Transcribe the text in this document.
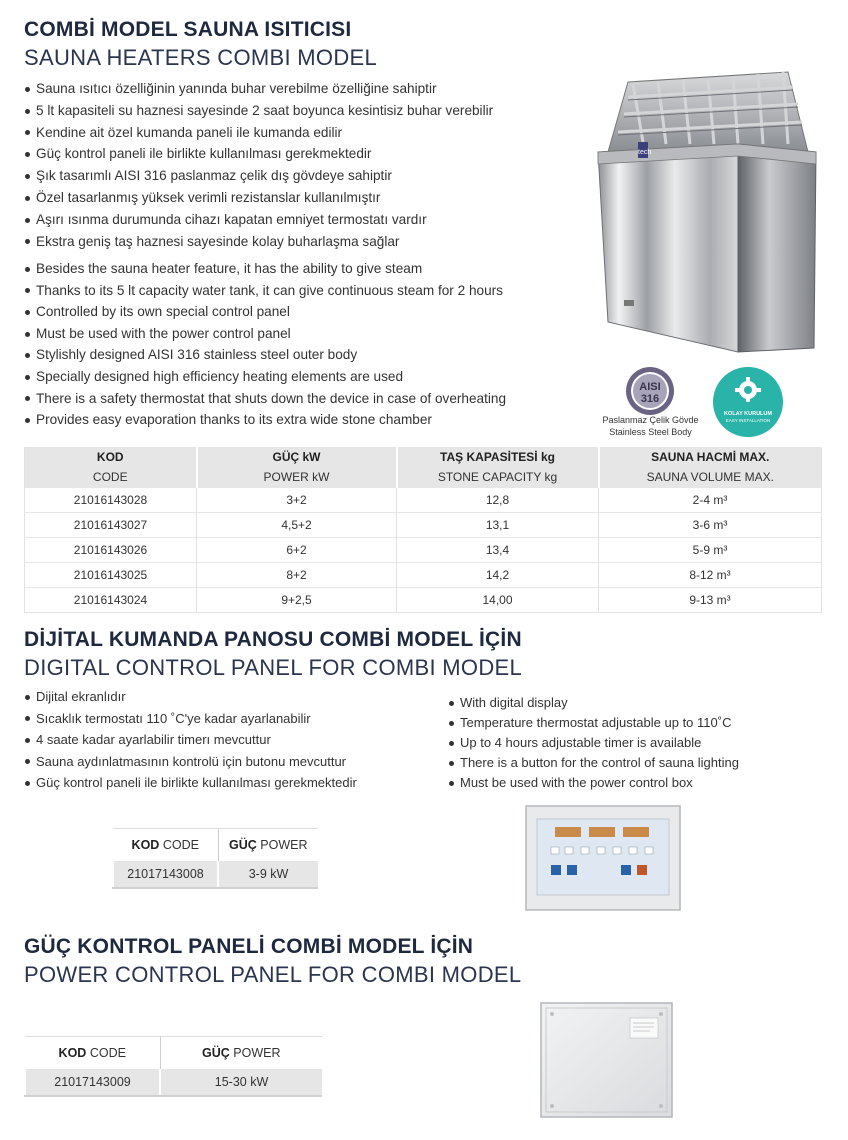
COMBİ MODEL SAUNA ISITICISI
SAUNA HEATERS COMBI MODEL
Sauna ısıtıcı özelliğinin yanında buhar verebilme özelliğine sahiptir
5 lt kapasiteli su haznesi sayesinde 2 saat boyunca kesintisiz buhar verebilir
Kendine ait özel kumanda paneli ile kumanda edilir
Güç kontrol paneli ile birlikte kullanılması gerekmektedir
Şık tasarımlı AISI 316 paslanmaz çelik dış gövdeye sahiptir
Özel tasarlanmış yüksek verimli rezistanslar kullanılmıştır
Aşırı ısınma durumunda cihazı kapatan emniyet termostatı vardır
Ekstra geniş taş haznesi sayesinde kolay buharlaşma sağlar
Besides the sauna heater feature, it has the ability to give steam
Thanks to its 5 lt capacity water tank, it can give continuous steam for 2 hours
Controlled by its own special control panel
Must be used with the power control panel
Stylishly designed AISI 316 stainless steel outer body
Specially designed high efficiency heating elements are used
There is a safety thermostat that shuts down the device in case of overheating
Provides easy evaporation thanks to its extra wide stone chamber
tech
AISI
316
Paslanmaz Çelik Gövde
Stainless Steel Body
KOLAY KURULUM
EASY INSTALLATION
KOD	GÜÇ kW	TAŞ KAPASİTESİ kg	SAUNA HACMİ MAX.
CODE	POWER kW	STONE CAPACITY kg	SAUNA VOLUME MAX.
21016143028	3+2	12,8	2-4 m³
21016143027	4,5+2	13,1	3-6 m³
21016143026	6+2	13,4	5-9 m³
21016143025	8+2	14,2	8-12 m³
21016143024	9+2,5	14,00	9-13 m³
DİJİTAL KUMANDA PANOSU COMBİ MODEL İÇİN
DIGITAL CONTROL PANEL FOR COMBI MODEL
Dijital ekranlıdır
Sıcaklık termostatı 110 ˚C'ye kadar ayarlanabilir
4 saate kadar ayarlabilir timerı mevcuttur
Sauna aydınlatmasının kontrolü için butonu mevcuttur
Güç kontrol paneli ile birlikte kullanılması gerekmektedir
With digital display
Temperature thermostat adjustable up to 110˚C
Up to 4 hours adjustable timer is available
There is a button for the control of sauna lighting
Must be used with the power control box
KOD CODE	GÜÇ POWER
21017143008	3-9 kW
GÜÇ KONTROL PANELİ COMBİ MODEL İÇİN
POWER CONTROL PANEL FOR COMBI MODEL
KOD CODE	GÜÇ POWER
21017143009	15-30 kW
